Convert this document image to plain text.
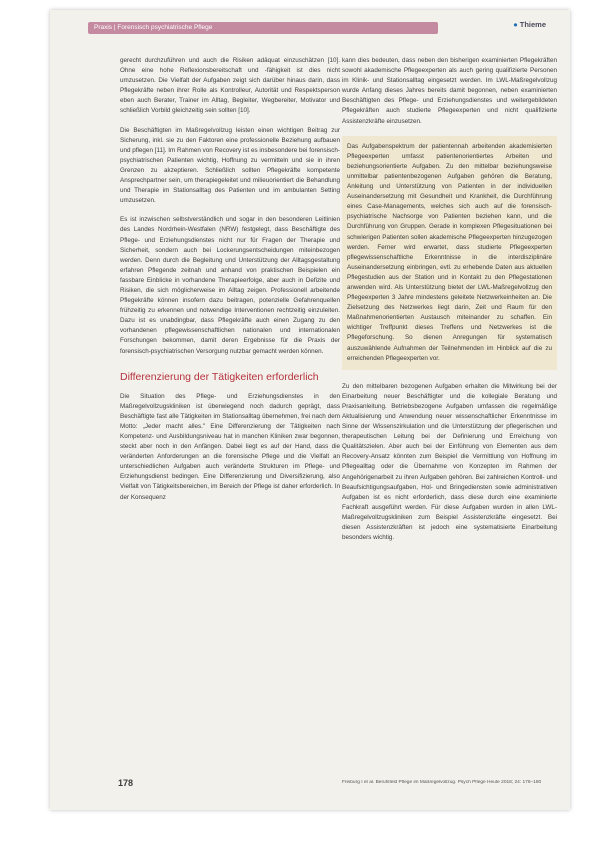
Praxis | Forensisch psychiatrische Pflege	● Thieme

gerecht durchzuführen und auch die Risiken adäquat einzuschätzen [10]. Ohne eine hohe Reflexionsbereitschaft und -fähigkeit ist dies nicht umzusetzen. Die Vielfalt der Aufgaben zeigt sich darüber hinaus darin, dass Pflegekräfte neben ihrer Rolle als Kontrolleur, Autorität und Respektsperson eben auch Berater, Trainer im Alltag, Begleiter, Wegbereiter, Motivator und schließlich Vorbild gleichzeitig sein sollten [10].

Die Beschäftigten im Maßregelvollzug leisten einen wichtigen Beitrag zur Sicherung, inkl. sie zu den Faktoren eine professionelle Beziehung aufbauen und pflegen [11]. Im Rahmen von Recovery ist es insbesondere bei forensisch-psychiatrischen Patienten wichtig, Hoffnung zu vermitteln und sie in ihren Grenzen zu akzeptieren. Schließlich sollten Pflegekräfte kompetente Ansprechpartner sein, um therapiegeleitet und milieuorientiert die Behandlung und Therapie im Stationsalltag des Patienten und im ambulanten Setting umzusetzen.

Es ist inzwischen selbstverständlich und sogar in den besonderen Leitlinien des Landes Nordrhein-Westfalen (NRW) festgelegt, dass Beschäftigte des Pflege- und Erziehungsdienstes nicht nur für Fragen der Therapie und Sicherheit, sondern auch bei Lockerungsentscheidungen miteinbezogen werden. Denn durch die Begleitung und Unterstützung der Alltagsgestaltung erfahren Pflegende zeitnah und anhand von praktischen Beispielen ein fassbare Einblicke in vorhandene Therapieerfolge, aber auch in Defizite und Risiken, die sich möglicherweise im Alltag zeigen. Professionell arbeitende Pflegekräfte können insofern dazu beitragen, potenzielle Gefahrenquellen frühzeitig zu erkennen und notwendige Interventionen rechtzeitig einzuleiten. Dazu ist es unabdingbar, dass Pflegekräfte auch einen Zugang zu den vorhandenen pflegewissenschaftlichen nationalen und internationalen Forschungen bekommen, damit deren Ergebnisse für die Praxis der forensisch-psychiatrischen Versorgung nutzbar gemacht werden können.

Differenzierung der Tätigkeiten erforderlich

Die Situation des Pflege- und Erziehungsdienstes in den Maßregelvollzugskliniken ist überwiegend noch dadurch geprägt, dass Beschäftigte fast alle Tätigkeiten im Stationsalltag übernehmen, frei nach dem Motto: „Jeder macht alles." Eine Differenzierung der Tätigkeiten nach Kompetenz- und Ausbildungsniveau hat in manchen Kliniken zwar begonnen, steckt aber noch in den Anfängen. Dabei liegt es auf der Hand, dass die veränderten Anforderungen an die forensische Pflege und die Vielfalt an unterschiedlichen Aufgaben auch veränderte Strukturen im Pflege- und Erziehungsdienst bedingen. Eine Differenzierung und Diversifizierung, also Vielfalt von Tätigkeitsbereichen, im Bereich der Pflege ist daher erforderlich. In der Konsequenz

kann dies bedeuten, dass neben den bisherigen examinierten Pflegekräften sowohl akademische Pflegeexperten als auch gering qualifizierte Personen im Klinik- und Stationsalltag eingesetzt werden. Im LWL-Maßregelvollzug wurde Anfang dieses Jahres bereits damit begonnen, neben examinierten Beschäftigten des Pflege- und Erziehungsdienstes und weitergebildeten Pflegekräften auch studierte Pflegeexperten und nicht qualifizierte Assistenzkräfte einzusetzen.

Das Aufgabenspektrum der patientennah arbeitenden akademisierten Pflegeexperten umfasst patientenorientiertes Arbeiten und beziehungsorientierte Aufgaben. Zu den mittelbar beziehungsweise unmittelbar patientenbezogenen Aufgaben gehören die Beratung, Anleitung und Unterstützung von Patienten in der individuellen Auseinandersetzung mit Gesundheit und Krankheit, die Durchführung eines Case-Managements, welches sich auch auf die forensisch-psychiatrische Nachsorge von Patienten beziehen kann, und die Durchführung von Gruppen. Gerade in komplexen Pflegesituationen bei schwierigen Patienten sollen akademische Pflegeexperten hinzugezogen werden. Ferner wird erwartet, dass studierte Pflegeexperten pflegewissenschaftliche Erkenntnisse in die interdisziplinäre Auseinandersetzung einbringen, evtl. zu erhebende Daten aus aktuellen Pflegestudien aus der Station und in Kontakt zu den Pflegestationen anwenden wird. Als Unterstützung bietet der LWL-Maßregelvollzug den Pflegeexperten 3 Jahre mindestens geleitete Netzwerkeinheiten an. Die Zielsetzung des Netzwerkes liegt darin, Zeit und Raum für den Maßnahmenorientierten Austausch miteinander zu schaffen. Ein wichtiger Treffpunkt dieses Treffens und Netzwerkes ist die Pflegeforschung. So dienen Anregungen für systematisch auszuwählende Aufnahmen der Teilnehmenden im Hinblick auf die zu erreichenden Pflegeexperten vor.

Zu den mittelbaren bezogenen Aufgaben erhalten die Mitwirkung bei der Einarbeitung neuer Beschäftigter und die kollegiale Beratung und Praxisanleitung. Betriebsbezogene Aufgaben umfassen die regelmäßige Aktualisierung und Anwendung neuer wissenschaftlicher Erkenntnisse im Sinne der Wissenszirkulation und die Unterstützung der pflegerischen und therapeutischen Leitung bei der Definierung und Erreichung von Qualitätszielen. Aber auch bei der Einführung von Elementen aus dem Recovery-Ansatz könnten zum Beispiel die Vermittlung von Hoffnung im Pflegealltag oder die Übernahme von Konzepten im Rahmen der Angehörigenarbeit zu ihren Aufgaben gehören. Bei zahlreichen Kontroll- und Beaufsichtigungsaufgaben, Hol- und Bringediensten sowie administrativen Aufgaben ist es nicht erforderlich, dass diese durch eine examinierte Fachkraft ausgeführt werden. Für diese Aufgaben wurden in allen LWL-Maßregelvollzugskliniken zum Beispiel Assistenzkräfte eingesetzt. Bei diesen Assistenzkräften ist jedoch eine systematisierte Einarbeitung besonders wichtig.

178	Freiburg I et al. Berufsfeld Pflege im Maßregelvollzug. Psych Pflege Heute 2018; 24: 176–180
